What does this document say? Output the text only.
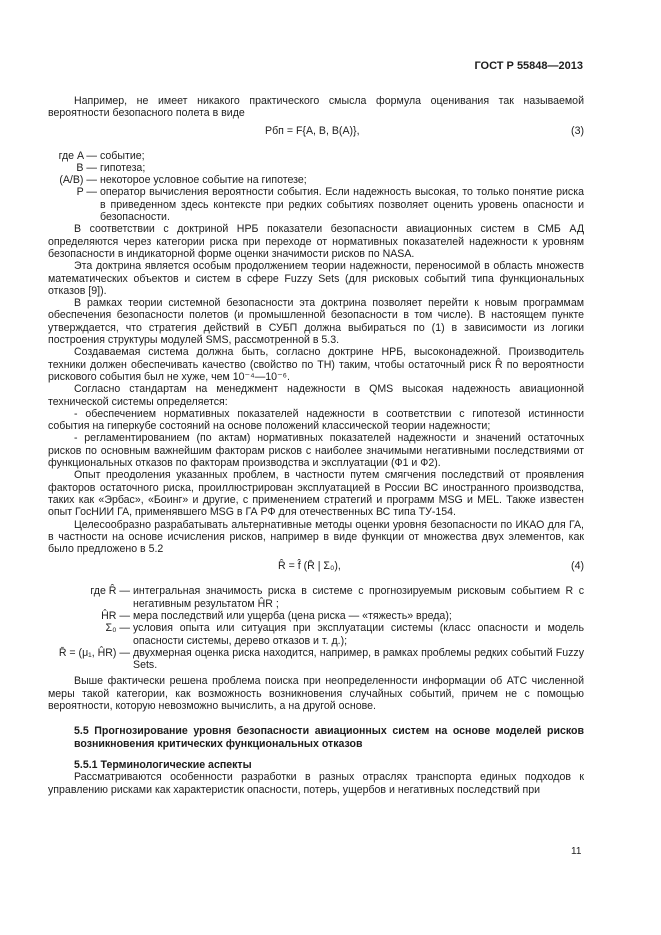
ГОСТ Р 55848—2013

Например, не имеет никакого практического смысла формула оценивания так называемой вероятности безопасного полета в виде

Pбп = F{A, B, B(A)},	(3)
где A — событие;
B — гипотеза;
(A/B) — некоторое условное событие на гипотезе;
P — оператор вычисления вероятности события. Если надежность высокая, то только понятие риска в приведенном здесь контексте при редких событиях позволяет оценить уровень опасности и безопасности.

В соответствии с доктриной НРБ показатели безопасности авиационных систем в СМБ АД определяются через категории риска при переходе от нормативных показателей надежности к уровням безопасности в индикаторной форме оценки значимости рисков по NASA.

Эта доктрина является особым продолжением теории надежности, переносимой в область множеств математических объектов и систем в сфере Fuzzy Sets (для рисковых событий типа функциональных отказов [9]).

В рамках теории системной безопасности эта доктрина позволяет перейти к новым программам обеспечения безопасности полетов (и промышленной безопасности в том числе). В настоящем пункте утверждается, что стратегия действий в СУБП должна выбираться по (1) в зависимости из логики построения структуры модулей SMS, рассмотренной в 5.3.

Создаваемая система должна быть, согласно доктрине НРБ, высоконадежной. Производитель техники должен обеспечивать качество (свойство по ТН) таким, чтобы остаточный риск R̂ по вероятности рискового события был не хуже, чем 10⁻⁴—10⁻⁶.

Согласно стандартам на менеджмент надежности в QMS высокая надежность авиационной технической системы определяется:

- обеспечением нормативных показателей надежности в соответствии с гипотезой истинности события на гиперкубе состояний на основе положений классической теории надежности;

- регламентированием (по актам) нормативных показателей надежности и значений остаточных рисков по основным важнейшим факторам рисков с наиболее значимыми негативными последствиями от функциональных отказов по факторам производства и эксплуатации (Ф1 и Ф2).

Опыт преодоления указанных проблем, в частности путем смягчения последствий от проявления факторов остаточного риска, проиллюстрирован эксплуатацией в России ВС иностранного производства, таких как «Эрбас», «Боинг» и другие, с применением стратегий и программ MSG и MEL. Также известен опыт ГосНИИ ГА, применявшего MSG в ГА РФ для отечественных ВС типа ТУ-154.

Целесообразно разрабатывать альтернативные методы оценки уровня безопасности по ИКАО для ГА, в частности на основе исчисления рисков, например в виде функции от множества двух элементов, как было предложено в 5.2

R̂ = f̂ (R̄ | Σ₀),	(4)
где R̂ — интегральная значимость риска в системе с прогнозируемым рисковым событием R с негативным результатом ĤR ;
ĤR — мера последствий или ущерба (цена риска — «тяжесть» вреда);
Σ₀ — условия опыта или ситуация при эксплуатации системы (класс опасности и модель опасности системы, дерево отказов и т. д.);
R̄ = (μ₁, ĤR) — двухмерная оценка риска находится, например, в рамках проблемы редких событий Fuzzy Sets.

Выше фактически решена проблема поиска при неопределенности информации об АТС численной меры такой категории, как возможность возникновения случайных событий, причем не с помощью вероятности, которую невозможно вычислить, а на другой основе.

5.5 Прогнозирование уровня безопасности авиационных систем на основе моделей рисков возникновения критических функциональных отказов

5.5.1 Терминологические аспекты

Рассматриваются особенности разработки в разных отраслях транспорта единых подходов к управлению рисками как характеристик опасности, потерь, ущербов и негативных последствий при

11
